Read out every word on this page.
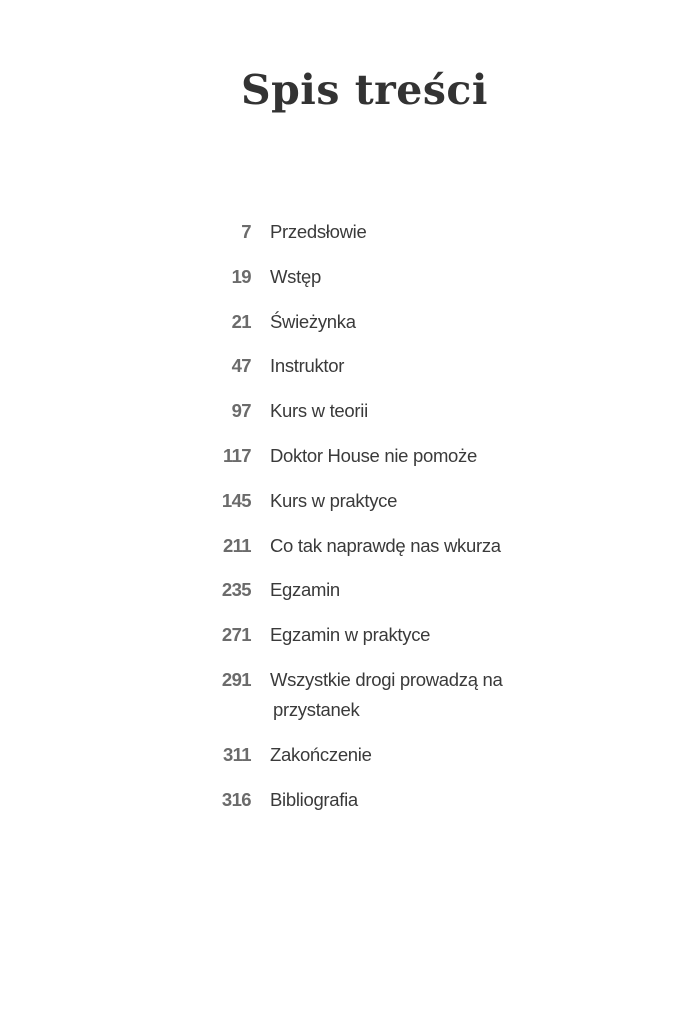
Spis treści
7	Przedsłowie
19	Wstęp
21	Świeżynka
47	Instruktor
97	Kurs w teorii
117	Doktor House nie pomoże
145	Kurs w praktyce
211	Co tak naprawdę nas wkurza
235	Egzamin
271	Egzamin w praktyce
291	Wszystkie drogi prowadzą na
przystanek
311	Zakończenie
316	Bibliografia
